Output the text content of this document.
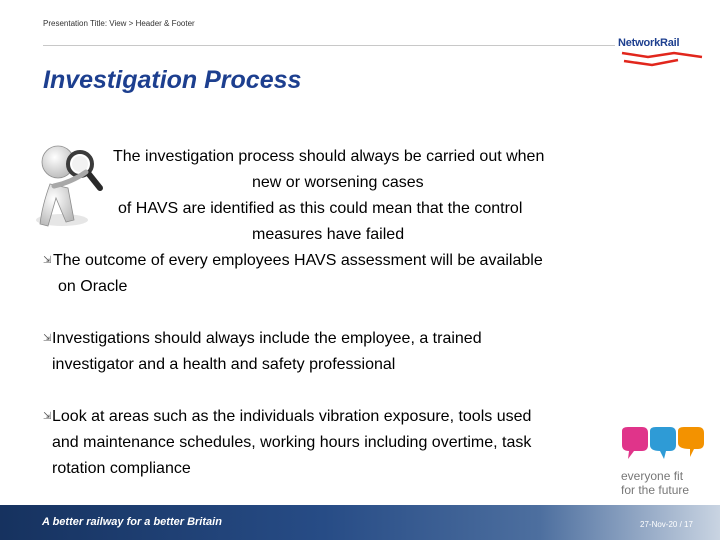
Presentation Title: View > Header & Footer
NetworkRail
Investigation Process
The investigation process should always be carried out when
new or worsening cases
of HAVS are identified as this could mean that the control
measures have failed
⇲ The outcome of every employees HAVS assessment will be available
on Oracle
⇲ Investigations should always include the employee, a trained
investigator and a health and safety professional
⇲ Look at areas such as the individuals vibration exposure, tools used
and maintenance schedules, working hours including overtime, task
rotation compliance	everyone fit
for the future
A better railway for a better Britain	27-Nov-20 / 17
